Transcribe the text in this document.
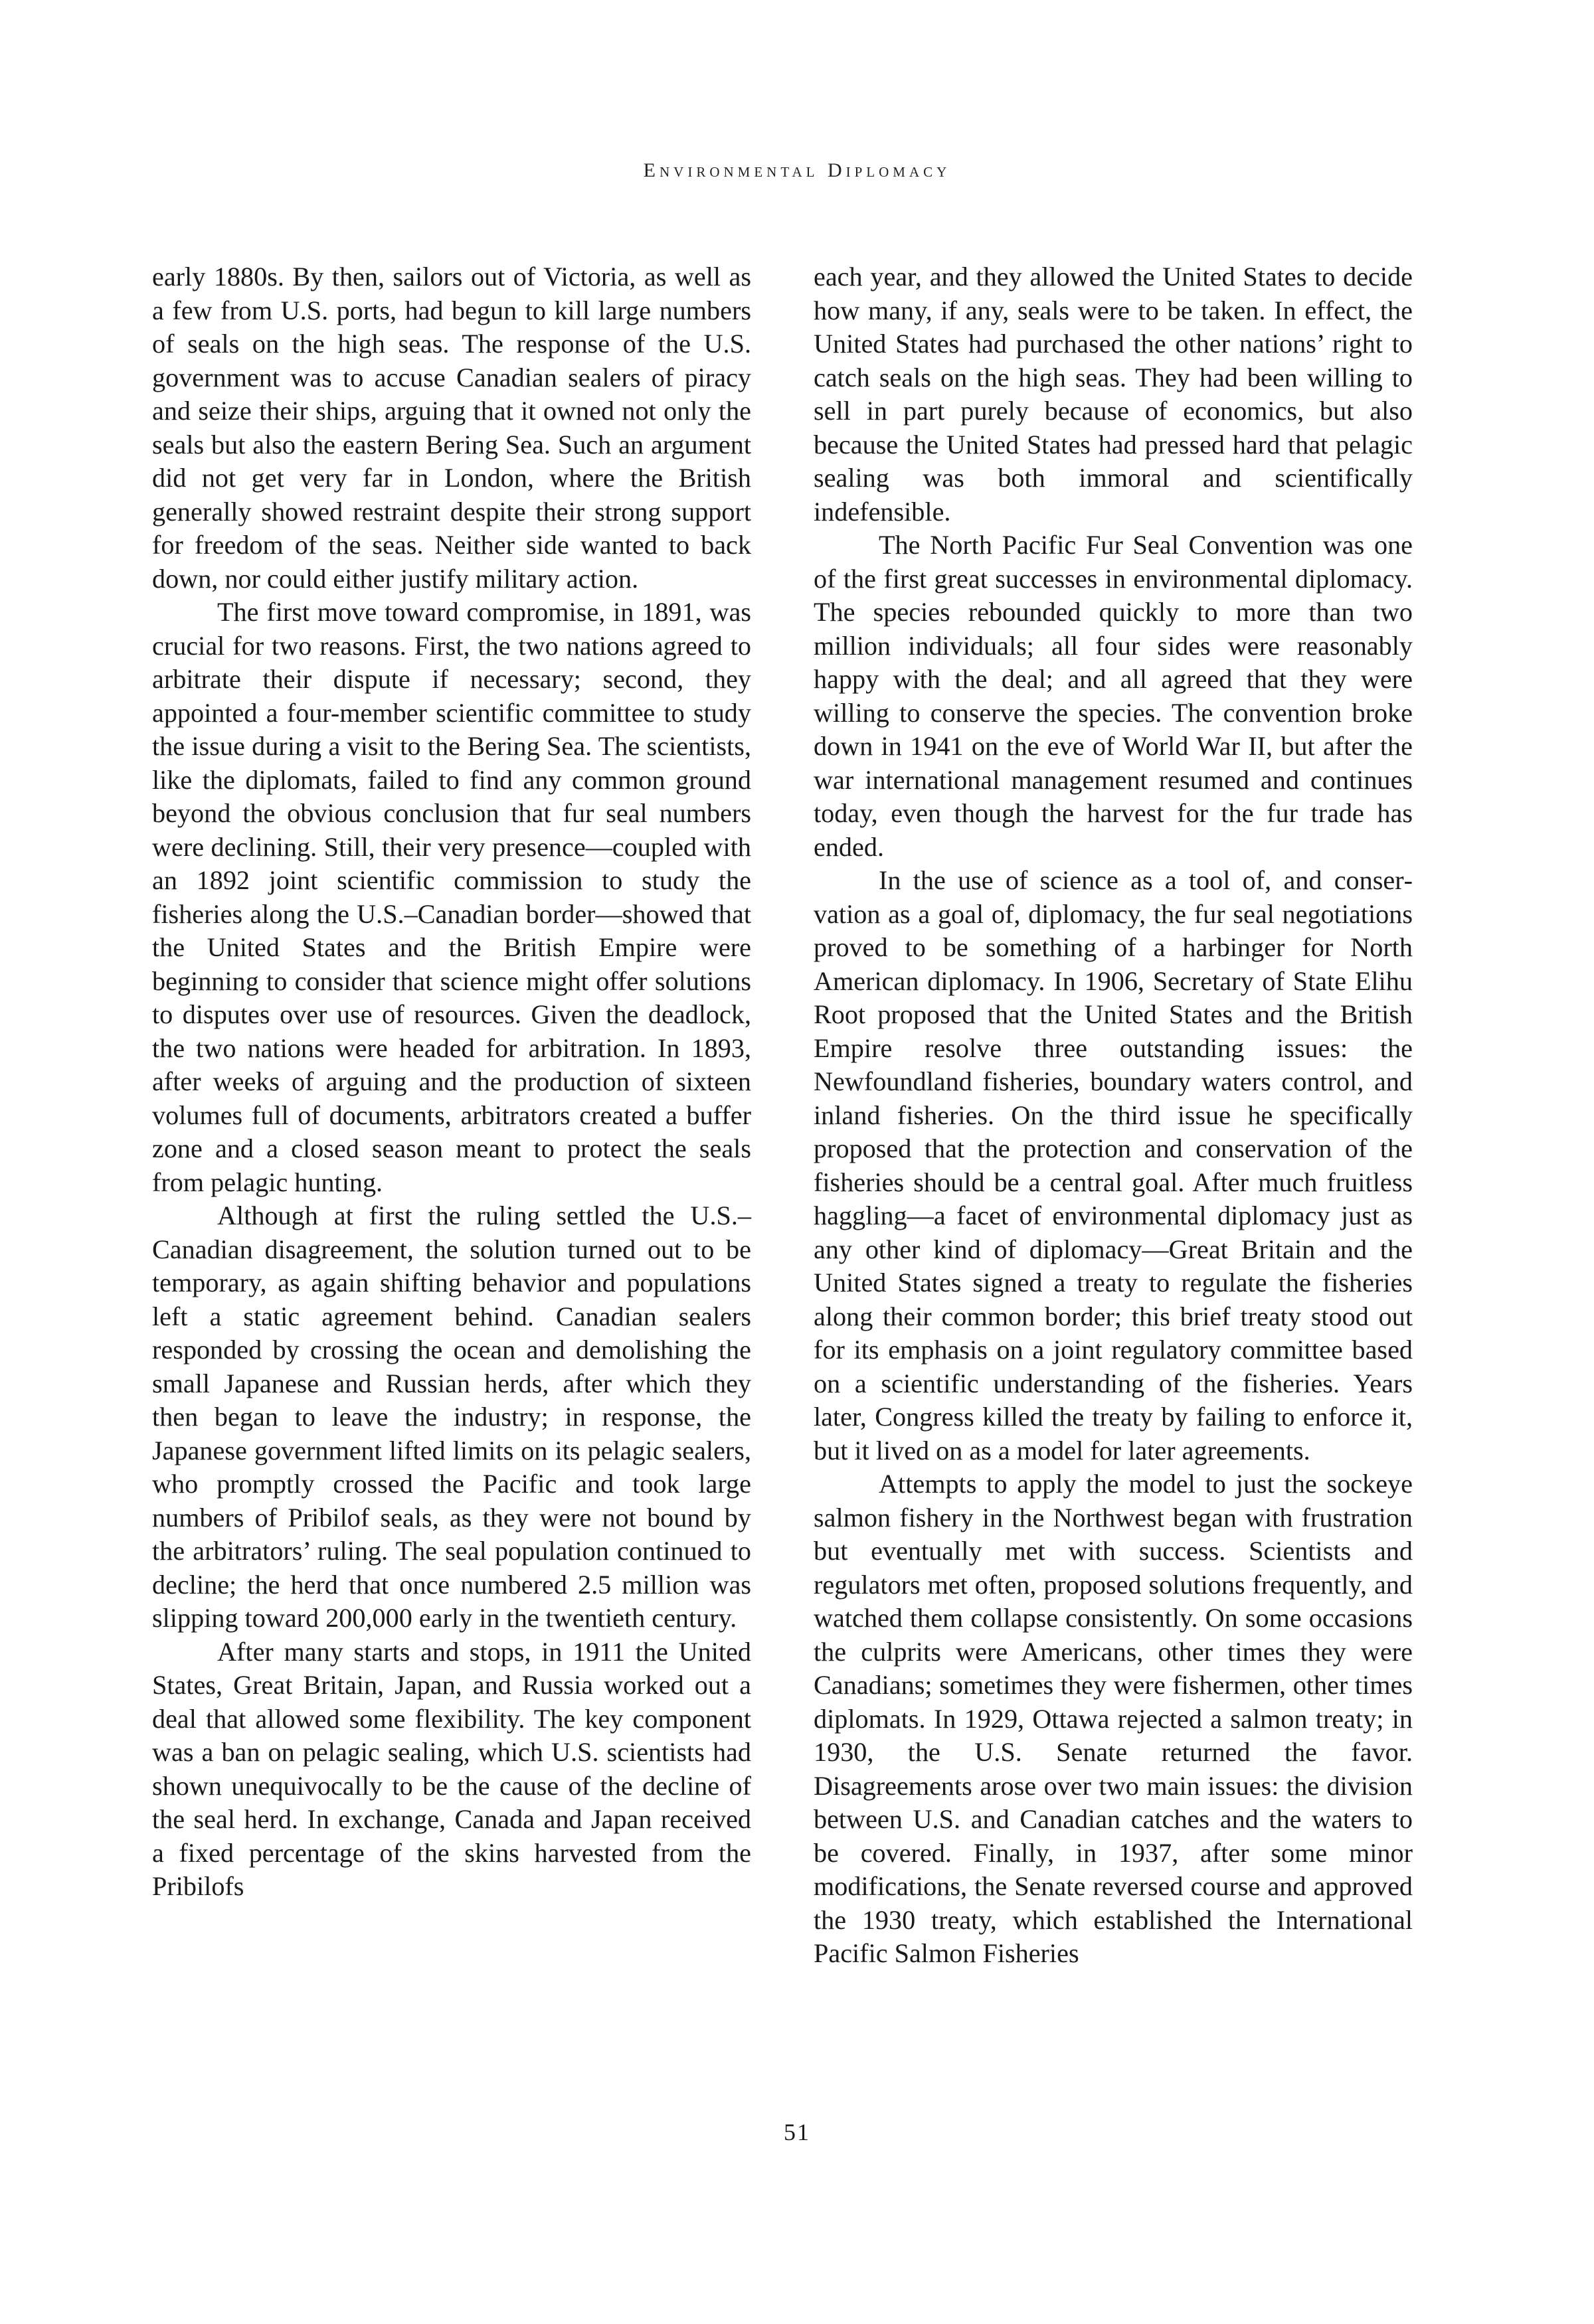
Environmental Diplomacy

early 1880s. By then, sailors out of Victoria, as well as a few from U.S. ports, had begun to kill large numbers of seals on the high seas. The response of the U.S. government was to accuse Canadian sealers of piracy and seize their ships, arguing that it owned not only the seals but also the eastern Bering Sea. Such an argument did not get very far in London, where the British generally showed restraint despite their strong support for freedom of the seas. Neither side wanted to back down, nor could either justify military action.

The first move toward compromise, in 1891, was crucial for two reasons. First, the two nations agreed to arbitrate their dispute if necessary; second, they appointed a four-member scientific committee to study the issue during a visit to the Bering Sea. The scientists, like the diplomats, failed to find any common ground beyond the obvious conclusion that fur seal numbers were declining. Still, their very presence—coupled with an 1892 joint scientific commission to study the fisheries along the U.S.–Canadian border—showed that the United States and the British Empire were beginning to consider that science might offer solutions to disputes over use of resources. Given the deadlock, the two nations were headed for arbitration. In 1893, after weeks of arguing and the production of sixteen volumes full of documents, arbitrators created a buffer zone and a closed season meant to protect the seals from pelagic hunting.

Although at first the ruling settled the U.S.–Canadian disagreement, the solution turned out to be temporary, as again shifting behavior and populations left a static agreement behind. Canadian sealers responded by crossing the ocean and demolishing the small Japanese and Russian herds, after which they then began to leave the industry; in response, the Japanese government lifted limits on its pelagic sealers, who promptly crossed the Pacific and took large numbers of Pribilof seals, as they were not bound by the arbitrators’ ruling. The seal population continued to decline; the herd that once numbered 2.5 million was slipping toward 200,000 early in the twentieth century.

After many starts and stops, in 1911 the United States, Great Britain, Japan, and Russia worked out a deal that allowed some flexibility. The key component was a ban on pelagic sealing, which U.S. scientists had shown unequivocally to be the cause of the decline of the seal herd. In exchange, Canada and Japan received a fixed percentage of the skins harvested from the Pribilofs

each year, and they allowed the United States to decide how many, if any, seals were to be taken. In effect, the United States had purchased the other nations’ right to catch seals on the high seas. They had been willing to sell in part purely because of economics, but also because the United States had pressed hard that pelagic sealing was both immoral and scientifically indefensible.

The North Pacific Fur Seal Convention was one of the first great successes in environmental diplomacy. The species rebounded quickly to more than two million individuals; all four sides were reasonably happy with the deal; and all agreed that they were willing to conserve the species. The convention broke down in 1941 on the eve of World War II, but after the war international management resumed and continues today, even though the harvest for the fur trade has ended.

In the use of science as a tool of, and conservation as a goal of, diplomacy, the fur seal negotiations proved to be something of a harbinger for North American diplomacy. In 1906, Secretary of State Elihu Root proposed that the United States and the British Empire resolve three outstanding issues: the Newfoundland fisheries, boundary waters control, and inland fisheries. On the third issue he specifically proposed that the protection and conservation of the fisheries should be a central goal. After much fruitless haggling—a facet of environmental diplomacy just as any other kind of diplomacy—Great Britain and the United States signed a treaty to regulate the fisheries along their common border; this brief treaty stood out for its emphasis on a joint regulatory committee based on a scientific understanding of the fisheries. Years later, Congress killed the treaty by failing to enforce it, but it lived on as a model for later agreements.

Attempts to apply the model to just the sockeye salmon fishery in the Northwest began with frustration but eventually met with success. Scientists and regulators met often, proposed solutions frequently, and watched them collapse consistently. On some occasions the culprits were Americans, other times they were Canadians; sometimes they were fishermen, other times diplomats. In 1929, Ottawa rejected a salmon treaty; in 1930, the U.S. Senate returned the favor. Disagreements arose over two main issues: the division between U.S. and Canadian catches and the waters to be covered. Finally, in 1937, after some minor modifications, the Senate reversed course and approved the 1930 treaty, which established the International Pacific Salmon Fisheries

51
